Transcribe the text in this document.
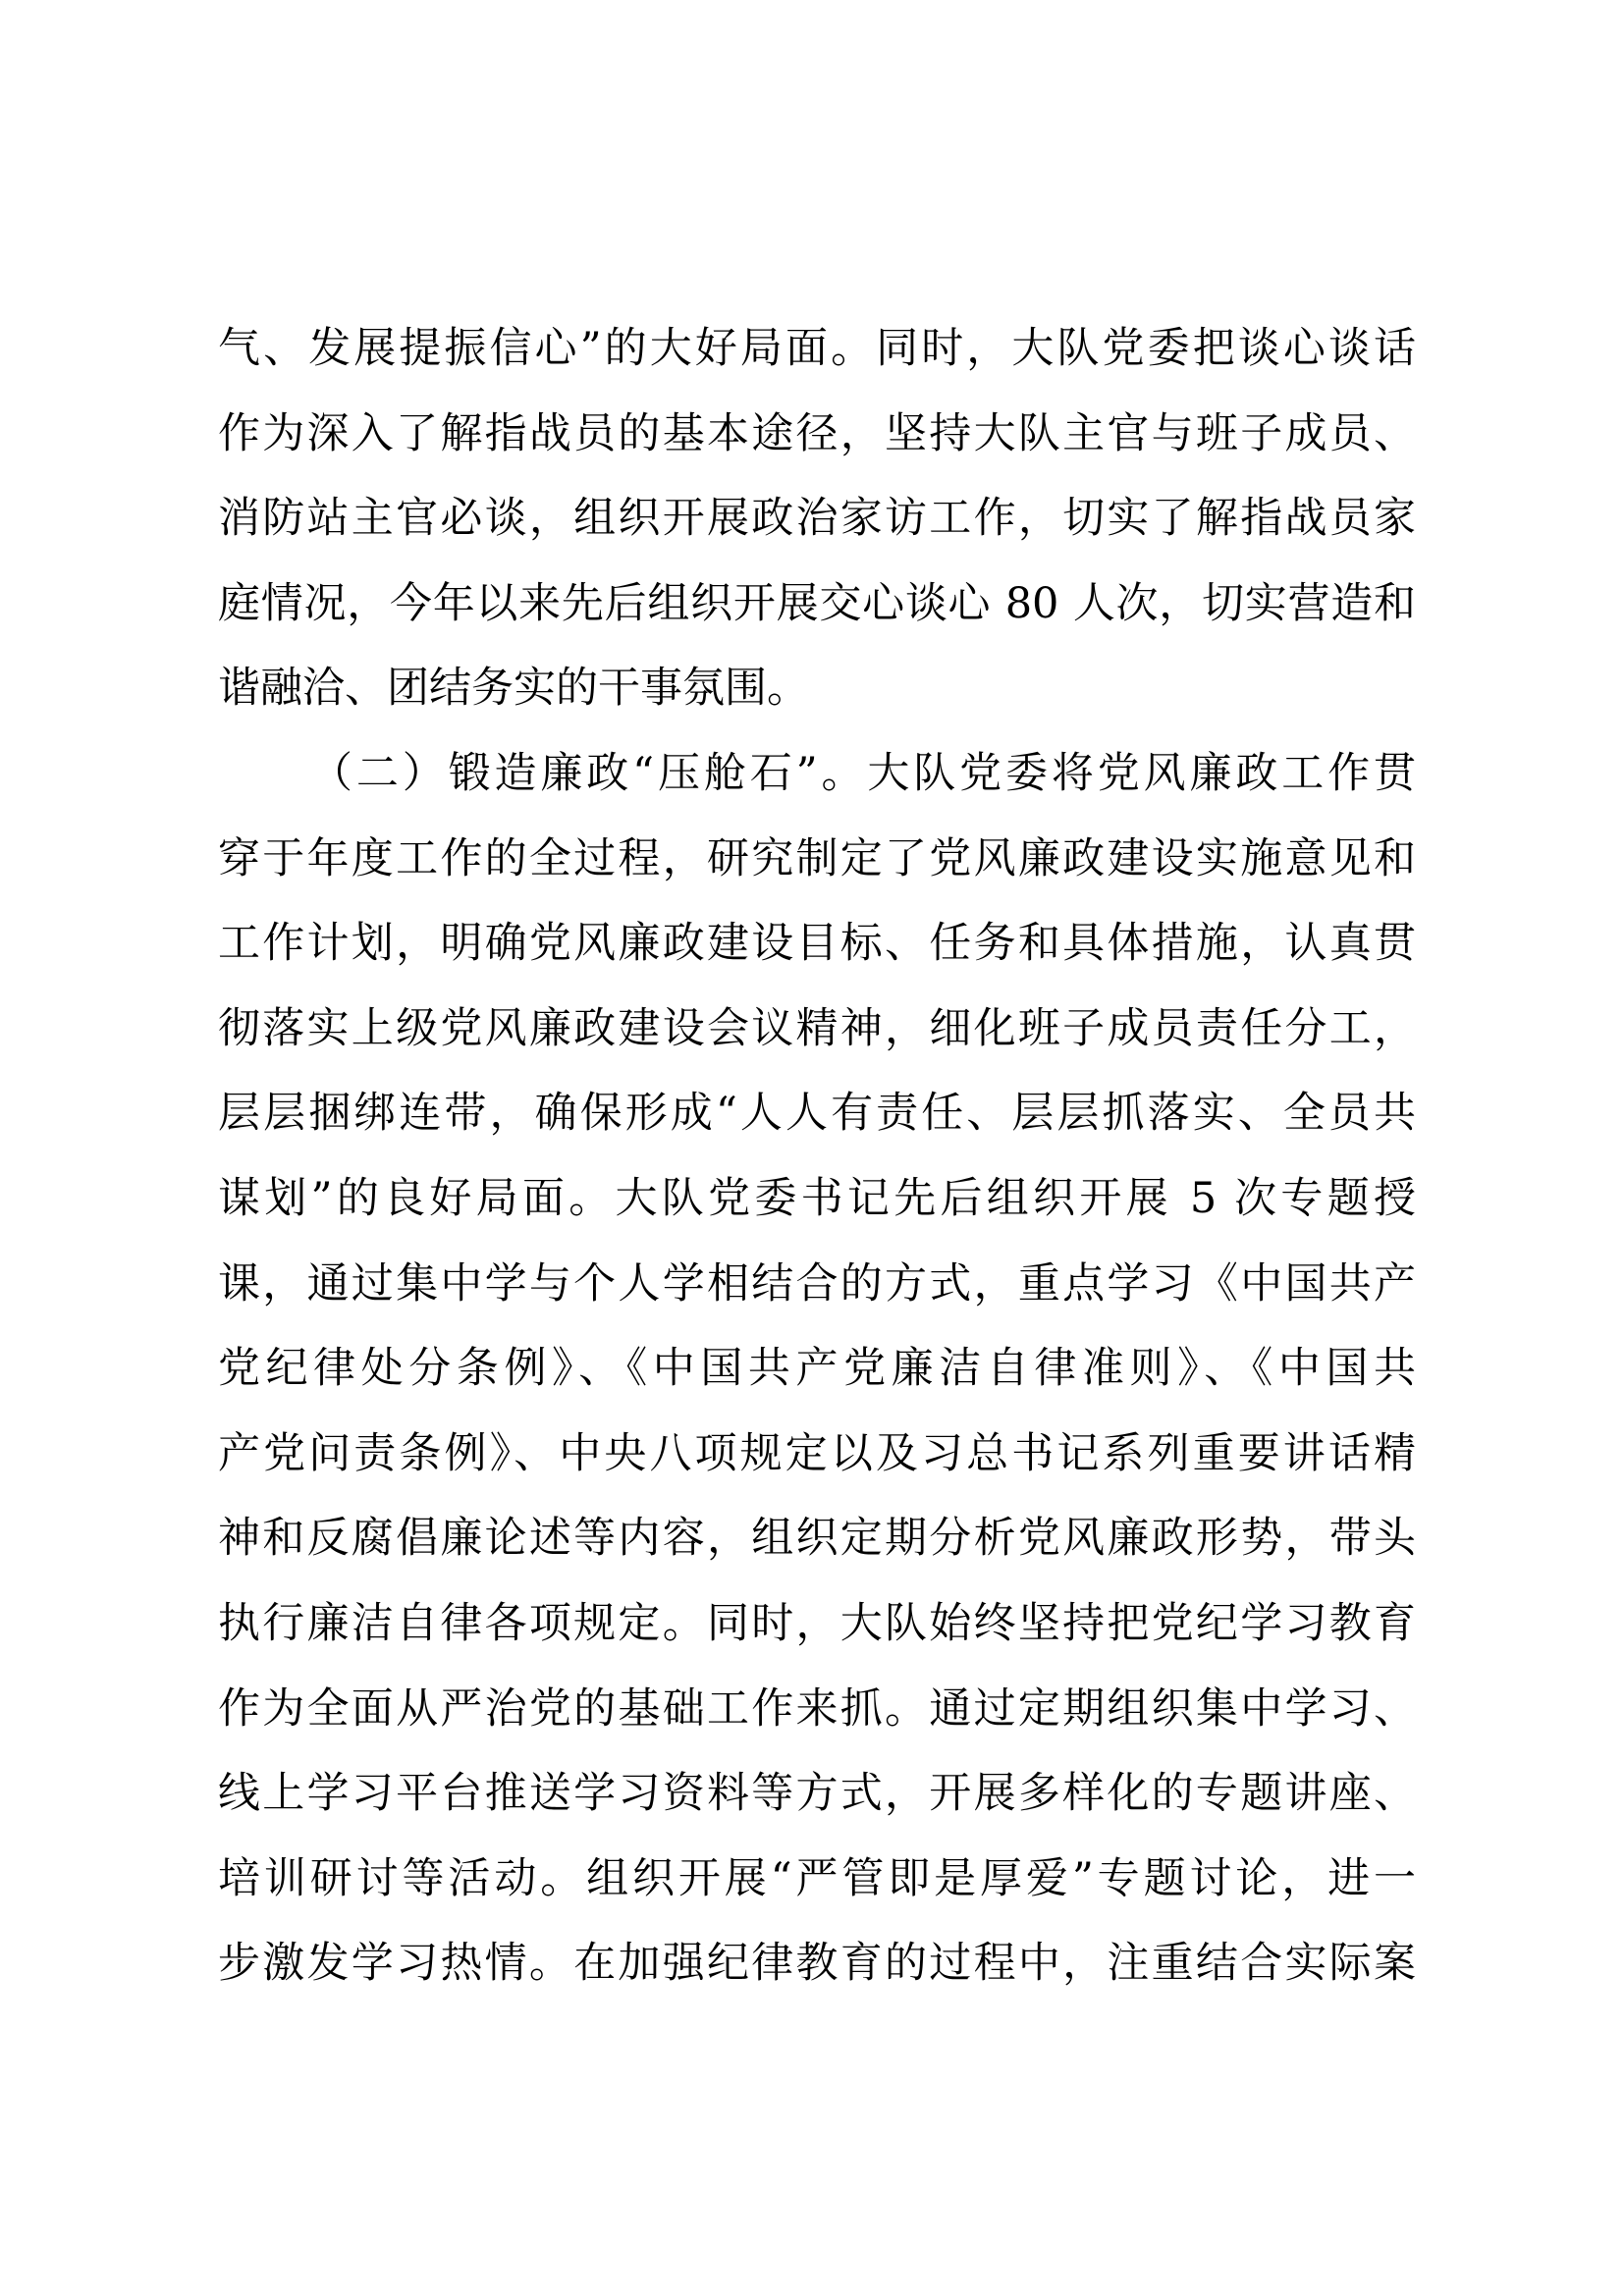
气、发展提振信心”的大好局面。同时，大队党委把谈心谈话
作为深入了解指战员的基本途径，坚持大队主官与班子成员、
消防站主官必谈，组织开展政治家访工作，切实了解指战员家
庭情况，今年以来先后组织开展交心谈心 80 人次，切实营造和
谐融洽、团结务实的干事氛围。
（二）锻造廉政“压舱石”。大队党委将党风廉政工作贯
穿于年度工作的全过程，研究制定了党风廉政建设实施意见和
工作计划，明确党风廉政建设目标、任务和具体措施，认真贯
彻落实上级党风廉政建设会议精神，细化班子成员责任分工，
层层捆绑连带，确保形成“人人有责任、层层抓落实、全员共
谋划”的良好局面。大队党委书记先后组织开展 5 次专题授
课，通过集中学与个人学相结合的方式，重点学习《中国共产
党纪律处分条例》、《中国共产党廉洁自律准则》、《中国共
产党问责条例》、中央八项规定以及习总书记系列重要讲话精
神和反腐倡廉论述等内容，组织定期分析党风廉政形势，带头
执行廉洁自律各项规定。同时，大队始终坚持把党纪学习教育
作为全面从严治党的基础工作来抓。通过定期组织集中学习、
线上学习平台推送学习资料等方式，开展多样化的专题讲座、
培训研讨等活动。组织开展“严管即是厚爱”专题讨论，进一
步激发学习热情。在加强纪律教育的过程中，注重结合实际案
